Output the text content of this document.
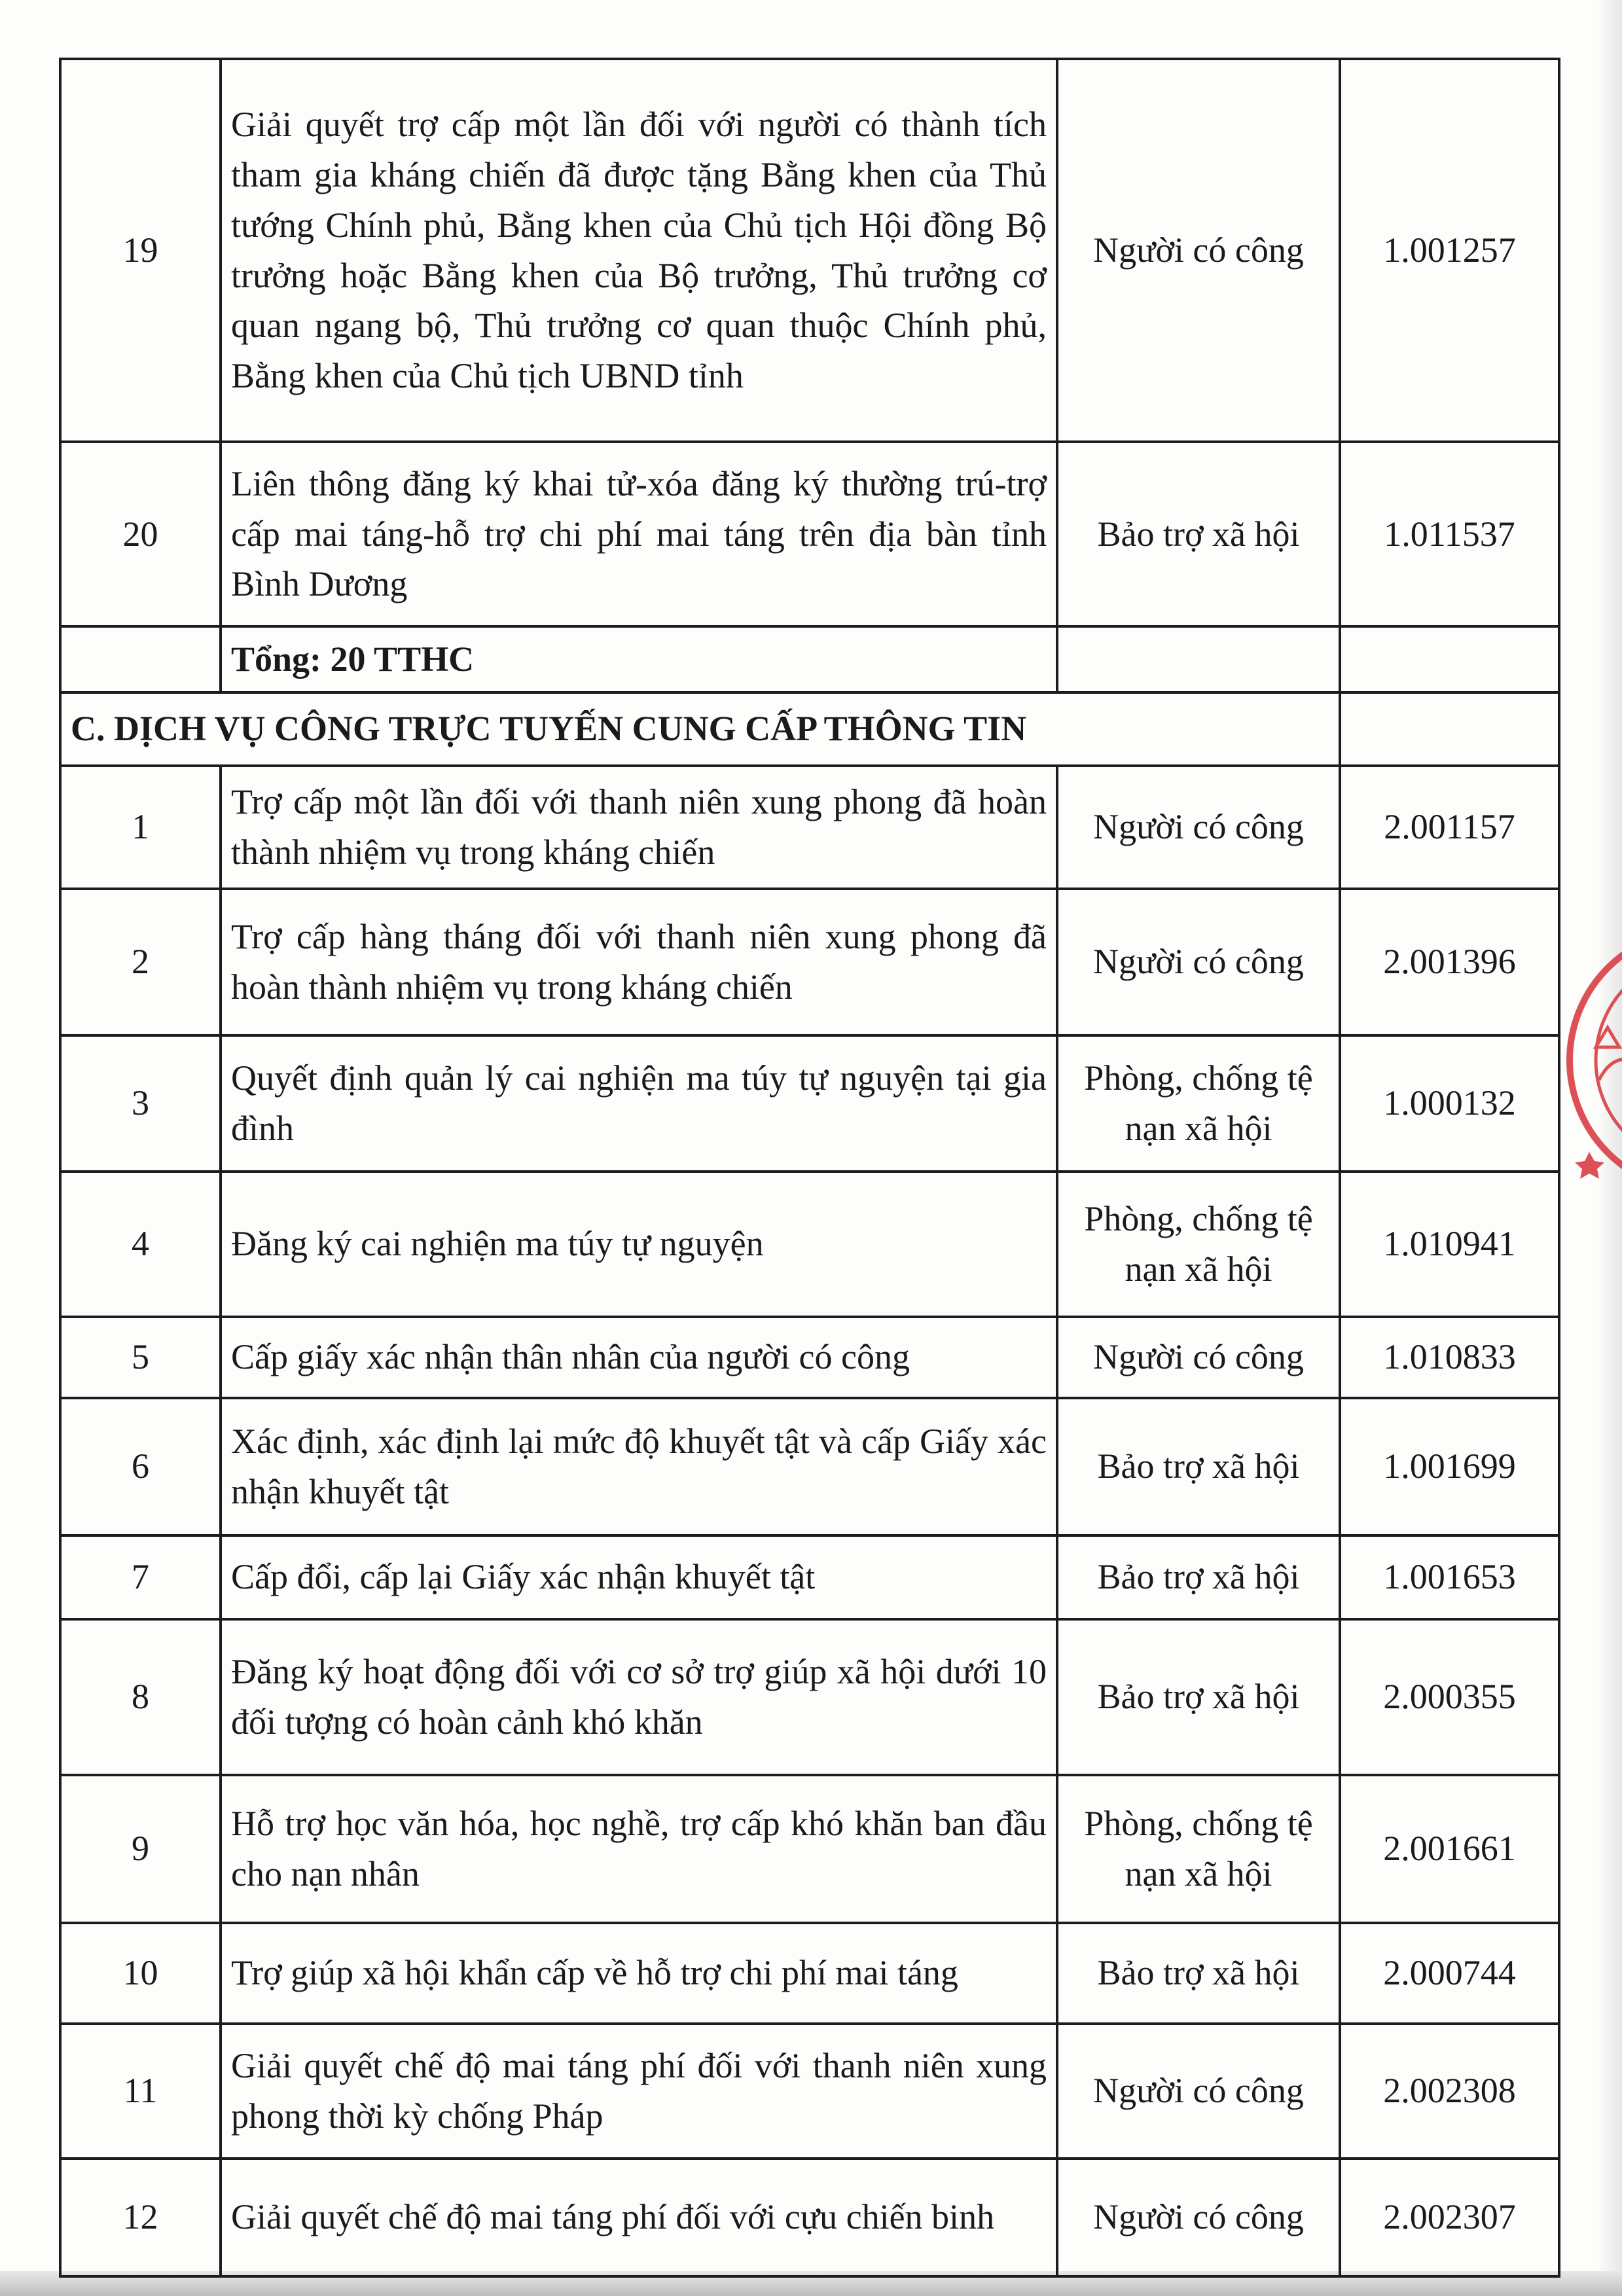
19	Giải quyết trợ cấp một lần đối với người có thành tích tham gia kháng chiến đã được tặng Bằng khen của Thủ tướng Chính phủ, Bằng khen của Chủ tịch Hội đồng Bộ trưởng hoặc Bằng khen của Bộ trưởng, Thủ trưởng cơ quan ngang bộ, Thủ trưởng cơ quan thuộc Chính phủ, Bằng khen của Chủ tịch UBND tỉnh	Người có công	1.001257
20	Liên thông đăng ký khai tử-xóa đăng ký thường trú-trợ cấp mai táng-hỗ trợ chi phí mai táng trên địa bàn tỉnh Bình Dương	Bảo trợ xã hội	1.011537
	Tổng: 20 TTHC		
C. DỊCH VỤ CÔNG TRỰC TUYẾN CUNG CẤP THÔNG TIN			
1	Trợ cấp một lần đối với thanh niên xung phong đã hoàn thành nhiệm vụ trong kháng chiến	Người có công	2.001157
2	Trợ cấp hàng tháng đối với thanh niên xung phong đã hoàn thành nhiệm vụ trong kháng chiến	Người có công	2.001396
3	Quyết định quản lý cai nghiện ma túy tự nguyện tại gia đình	Phòng, chống tệ nạn xã hội	1.000132
4	Đăng ký cai nghiện ma túy tự nguyện	Phòng, chống tệ nạn xã hội	1.010941
5	Cấp giấy xác nhận thân nhân của người có công	Người có công	1.010833
6	Xác định, xác định lại mức độ khuyết tật và cấp Giấy xác nhận khuyết tật	Bảo trợ xã hội	1.001699
7	Cấp đổi, cấp lại Giấy xác nhận khuyết tật	Bảo trợ xã hội	1.001653
8	Đăng ký hoạt động đối với cơ sở trợ giúp xã hội dưới 10 đối tượng có hoàn cảnh khó khăn	Bảo trợ xã hội	2.000355
9	Hỗ trợ học văn hóa, học nghề, trợ cấp khó khăn ban đầu cho nạn nhân	Phòng, chống tệ nạn xã hội	2.001661
10	Trợ giúp xã hội khẩn cấp về hỗ trợ chi phí mai táng	Bảo trợ xã hội	2.000744
11	Giải quyết chế độ mai táng phí đối với thanh niên xung phong thời kỳ chống Pháp	Người có công	2.002308
12	Giải quyết chế độ mai táng phí đối với cựu chiến binh	Người có công	2.002307
